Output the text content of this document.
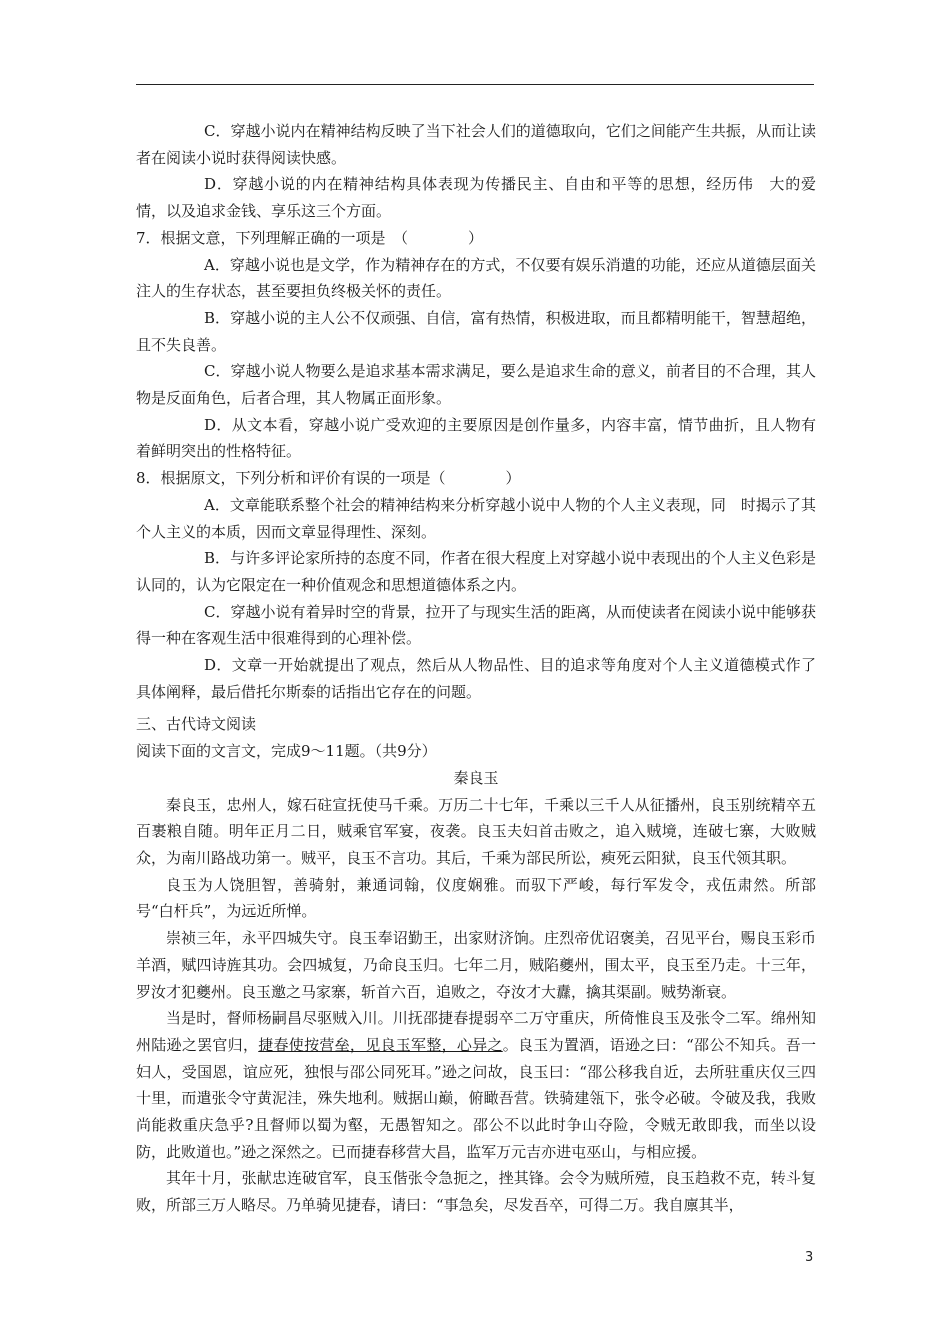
C．穿越小说内在精神结构反映了当下社会人们的道德取向，它们之间能产生共振，从而让读者在阅读小说时获得阅读快感。

D．穿越小说的内在精神结构具体表现为传播民主、自由和平等的思想，经历伟　大的爱情，以及追求金钱、享乐这三个方面。

7．根据文意，下列理解正确的一项是　（　　　　）

A．穿越小说也是文学，作为精神存在的方式，不仅要有娱乐消遣的功能，还应从道德层面关注人的生存状态，甚至要担负终极关怀的责任。

B．穿越小说的主人公不仅顽强、自信，富有热情，积极进取，而且都精明能干，智慧超绝，且不失良善。

C．穿越小说人物要么是追求基本需求满足，要么是追求生命的意义，前者目的不合理，其人物是反面角色，后者合理，其人物属正面形象。

D．从文本看，穿越小说广受欢迎的主要原因是创作量多，内容丰富，情节曲折，且人物有着鲜明突出的性格特征。

8．根据原文，下列分析和评价有误的一项是（　　　　）

A．文章能联系整个社会的精神结构来分析穿越小说中人物的个人主义表现，同　时揭示了其个人主义的本质，因而文章显得理性、深刻。

B．与许多评论家所持的态度不同，作者在很大程度上对穿越小说中表现出的个人主义色彩是认同的，认为它限定在一种价值观念和思想道德体系之内。

C．穿越小说有着异时空的背景，拉开了与现实生活的距离，从而使读者在阅读小说中能够获得一种在客观生活中很难得到的心理补偿。

D．文章一开始就提出了观点，然后从人物品性、目的追求等角度对个人主义道德模式作了具体阐释，最后借托尔斯泰的话指出它存在的问题。

三、古代诗文阅读

阅读下面的文言文，完成9～11题。（共9分）

秦良玉

秦良玉，忠州人，嫁石砫宣抚使马千乘。万历二十七年，千乘以三千人从征播州，良玉别统精卒五百裹粮自随。明年正月二日，贼乘官军宴，夜袭。良玉夫妇首击败之，追入贼境，连破七寨，大败贼众，为南川路战功第一。贼平，良玉不言功。其后，千乘为部民所讼，瘐死云阳狱，良玉代领其职。

良玉为人饶胆智，善骑射，兼通词翰，仪度娴雅。而驭下严峻，每行军发令，戎伍肃然。所部号“白杆兵”，为远近所惮。

崇祯三年，永平四城失守。良玉奉诏勤王，出家财济饷。庄烈帝优诏褒美，召见平台，赐良玉彩币羊酒，赋四诗旌其功。会四城复，乃命良玉归。七年二月，贼陷夔州，围太平，良玉至乃走。十三年，罗汝才犯夔州。良玉邀之马家寨，斩首六百，追败之，夺汝才大纛，擒其渠副。贼势渐衰。

当是时，督师杨嗣昌尽驱贼入川。川抚邵捷春提弱卒二万守重庆，所倚惟良玉及张令二军。绵州知州陆逊之罢官归，捷春使按营垒，见良玉军整，心异之。良玉为置酒，语逊之曰：“邵公不知兵。吾一妇人，受国恩，谊应死，独恨与邵公同死耳。”逊之问故，良玉曰：“邵公移我自近，去所驻重庆仅三四十里，而遣张令守黄泥洼，殊失地利。贼据山巅，俯瞰吾营。铁骑建瓴下，张令必破。令破及我，我败尚能救重庆急乎?且督师以蜀为壑，无愚智知之。邵公不以此时争山夺险，令贼无敢即我，而坐以设防，此败道也。”逊之深然之。已而捷春移营大昌，监军万元吉亦进屯巫山，与相应援。

其年十月，张献忠连破官军，良玉偕张令急扼之，挫其锋。会令为贼所殪，良玉趋救不克，转斗复败，所部三万人略尽。乃单骑见捷春，请曰：“事急矣，尽发吾卒，可得二万。我自廪其半，

3
